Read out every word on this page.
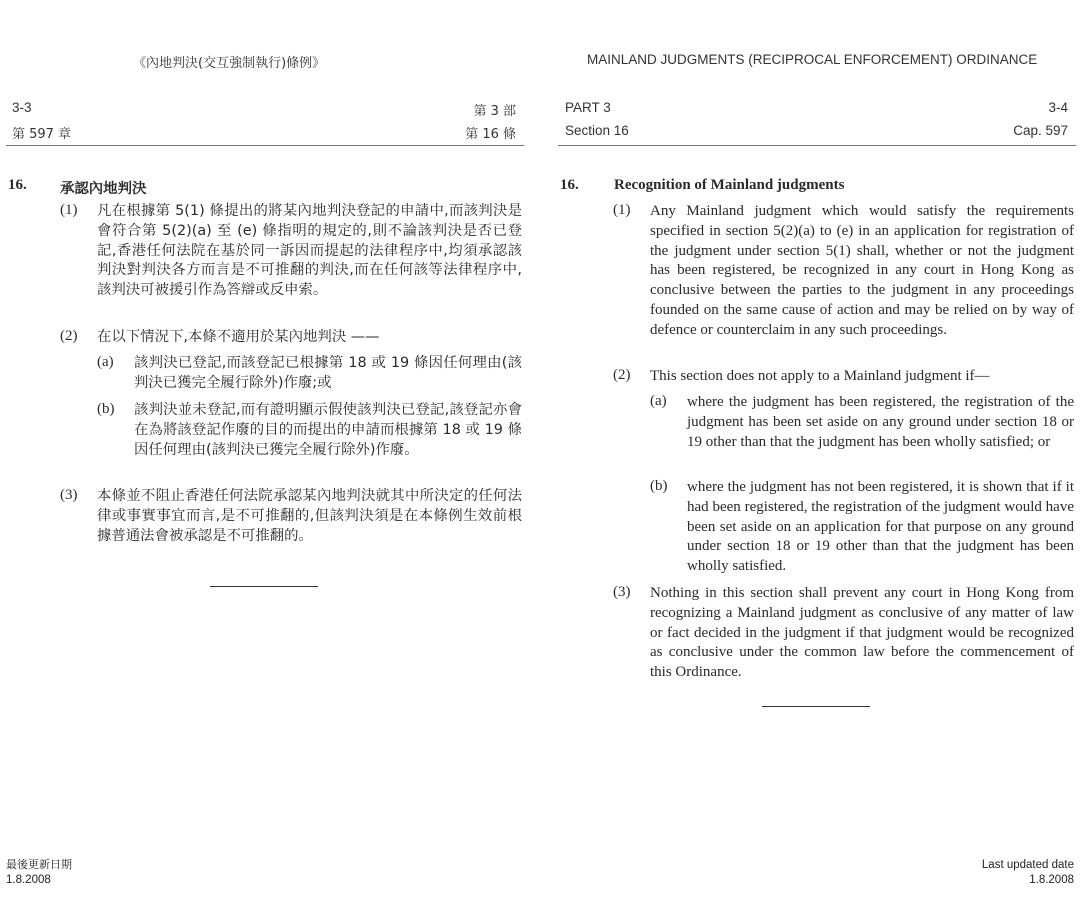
《內地判決(交互強制執行)條例》
3-3	第 3 部
第 597 章	第 16 條
16. 承認內地判決
(1) 凡在根據第 5(1) 條提出的將某內地判決登記的申請中,而該判決是會符合第 5(2)(a) 至 (e) 條指明的規定的,則不論該判決是否已登記,香港任何法院在基於同一訴因而提起的法律程序中,均須承認該判決對判決各方而言是不可推翻的判決,而在任何該等法律程序中,該判決可被援引作為答辯或反申索。
(2) 在以下情況下,本條不適用於某內地判決 ——
(a) 該判決已登記,而該登記已根據第 18 或 19 條因任何理由(該判決已獲完全履行除外)作廢;或
(b) 該判決並未登記,而有證明顯示假使該判決已登記,該登記亦會在為將該登記作廢的目的而提出的申請而根據第 18 或 19 條因任何理由(該判決已獲完全履行除外)作廢。
(3) 本條並不阻止香港任何法院承認某內地判決就其中所決定的任何法律或事實事宜而言,是不可推翻的,但該判決須是在本條例生效前根據普通法會被承認是不可推翻的。
最後更新日期
1.8.2008
MAINLAND JUDGMENTS (RECIPROCAL ENFORCEMENT) ORDINANCE
PART 3	3-4
Section 16	Cap. 597
16. Recognition of Mainland judgments
(1) Any Mainland judgment which would satisfy the requirements specified in section 5(2)(a) to (e) in an application for registration of the judgment under section 5(1) shall, whether or not the judgment has been registered, be recognized in any court in Hong Kong as conclusive between the parties to the judgment in any proceedings founded on the same cause of action and may be relied on by way of defence or counterclaim in any such proceedings.
(2) This section does not apply to a Mainland judgment if—
(a) where the judgment has been registered, the registration of the judgment has been set aside on any ground under section 18 or 19 other than that the judgment has been wholly satisfied; or
(b) where the judgment has not been registered, it is shown that if it had been registered, the registration of the judgment would have been set aside on an application for that purpose on any ground under section 18 or 19 other than that the judgment has been wholly satisfied.
(3) Nothing in this section shall prevent any court in Hong Kong from recognizing a Mainland judgment as conclusive of any matter of law or fact decided in the judgment if that judgment would be recognized as conclusive under the common law before the commencement of this Ordinance.
Last updated date
1.8.2008
